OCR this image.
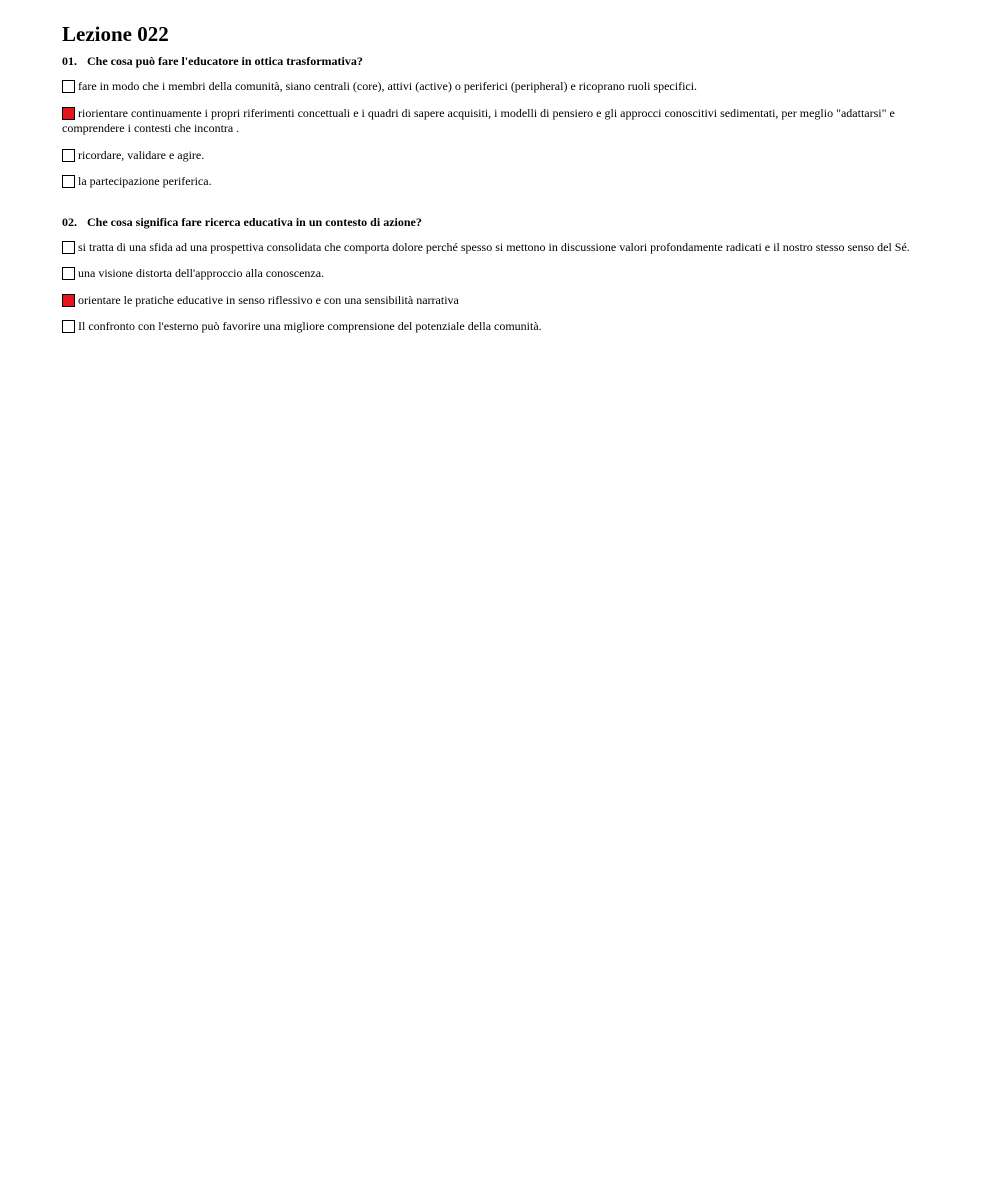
Lezione 022
01. Che cosa può fare l'educatore in ottica trasformativa?
fare in modo che i membri della comunità, siano centrali (core), attivi (active) o periferici (peripheral) e ricoprano ruoli specifici.
riorientare continuamente i propri riferimenti concettuali e i quadri di sapere acquisiti, i modelli di pensiero e gli approcci conoscitivi sedimentati, per meglio "adattarsi" e comprendere i contesti che incontra .
ricordare, validare e agire.
la partecipazione periferica.
02. Che cosa significa fare ricerca educativa in un contesto di azione?
si tratta di una sfida ad una prospettiva consolidata che comporta dolore perché spesso si mettono in discussione valori profondamente radicati e il nostro stesso senso del Sé.
una visione distorta dell'approccio alla conoscenza.
orientare le pratiche educative in senso riflessivo e con una sensibilità narrativa
Il confronto con l'esterno può favorire una migliore comprensione del potenziale della comunità.
